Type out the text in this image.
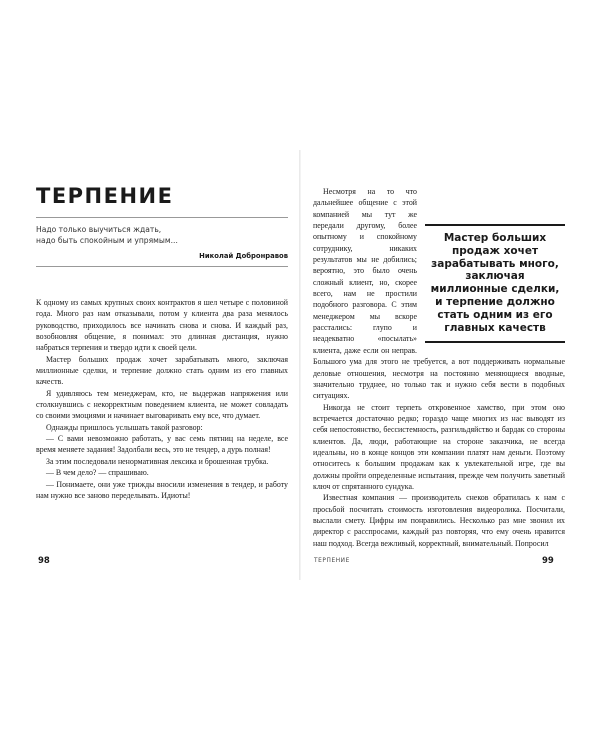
ТЕРПЕНИЕ
Надо только выучиться ждать,
надо быть спокойным и упрямым...
Николай Добронравов

К одному из самых крупных своих контрактов я шел четыре с половиной года. Много раз нам отказывали, потом у клиента два раза менялось руководство, приходилось все начинать снова и снова. И каждый раз, возобновляя общение, я понимал: это длинная дистанция, нужно набраться терпения и твердо идти к своей цели.

Мастер больших продаж хочет зарабатывать много, заключая миллионные сделки, и терпение должно стать одним из его главных качеств.

Я удивляюсь тем менеджерам, кто, не выдержав напряжения или столкнувшись с некорректным поведением клиента, не может совладать со своими эмоциями и начинает выговаривать ему все, что думает.

Однажды пришлось услышать такой разговор:

— С вами невозможно работать, у вас семь пятниц на неделе, все время меняете задания! Задолбали весь, это не тендер, а дурь полная!

За этим последовали ненормативная лексика и брошенная трубка.

— В чем дело? — спрашиваю.

— Понимаете, они уже трижды вносили изменения в тендер, и работу нам нужно все заново переделывать. Идиоты!

Мастер больших продаж хочет зарабатывать много, заключая миллионные сделки, и терпение должно стать одним из его главных качеств

Несмотря на то что дальнейшее общение с этой компанией мы тут же передали другому, более опытному и спокойному сотруднику, никаких результатов мы не добились; вероятно, это было очень сложный клиент, но, скорее всего, нам не простили подобного разговора. С этим менеджером мы вскоре расстались: глупо и неадекватно «посылать» клиента, даже если он неправ. Большого ума для этого не требуется, а вот поддерживать нормальные деловые отношения, несмотря на постоянно меняющиеся вводные, значительно труднее, но только так и нужно себя вести в подобных ситуациях.

Никогда не стоит терпеть откровенное хамство, при этом оно встречается достаточно редко; гораздо чаще многих из нас выводят из себя непостоянство, бессистемность, разгильдяйство и бардак со стороны клиентов. Да, люди, работающие на стороне заказчика, не всегда идеальны, но в конце концов эти компании платят нам деньги. Поэтому относитесь к большим продажам как к увлекательной игре, где вы должны пройти определенные испытания, прежде чем получить заветный ключ от спрятанного сундука.

Известная компания — производитель снеков обратилась к нам с просьбой посчитать стоимость изготовления видеоролика. Посчитали, выслали смету. Цифры им понравились. Несколько раз мне звонил их директор с расспросами, каждый раз повторяя, что ему очень нравится наш подход. Всегда вежливый, корректный, внимательный. Попросил

98	ТЕРПЕНИЕ	99
